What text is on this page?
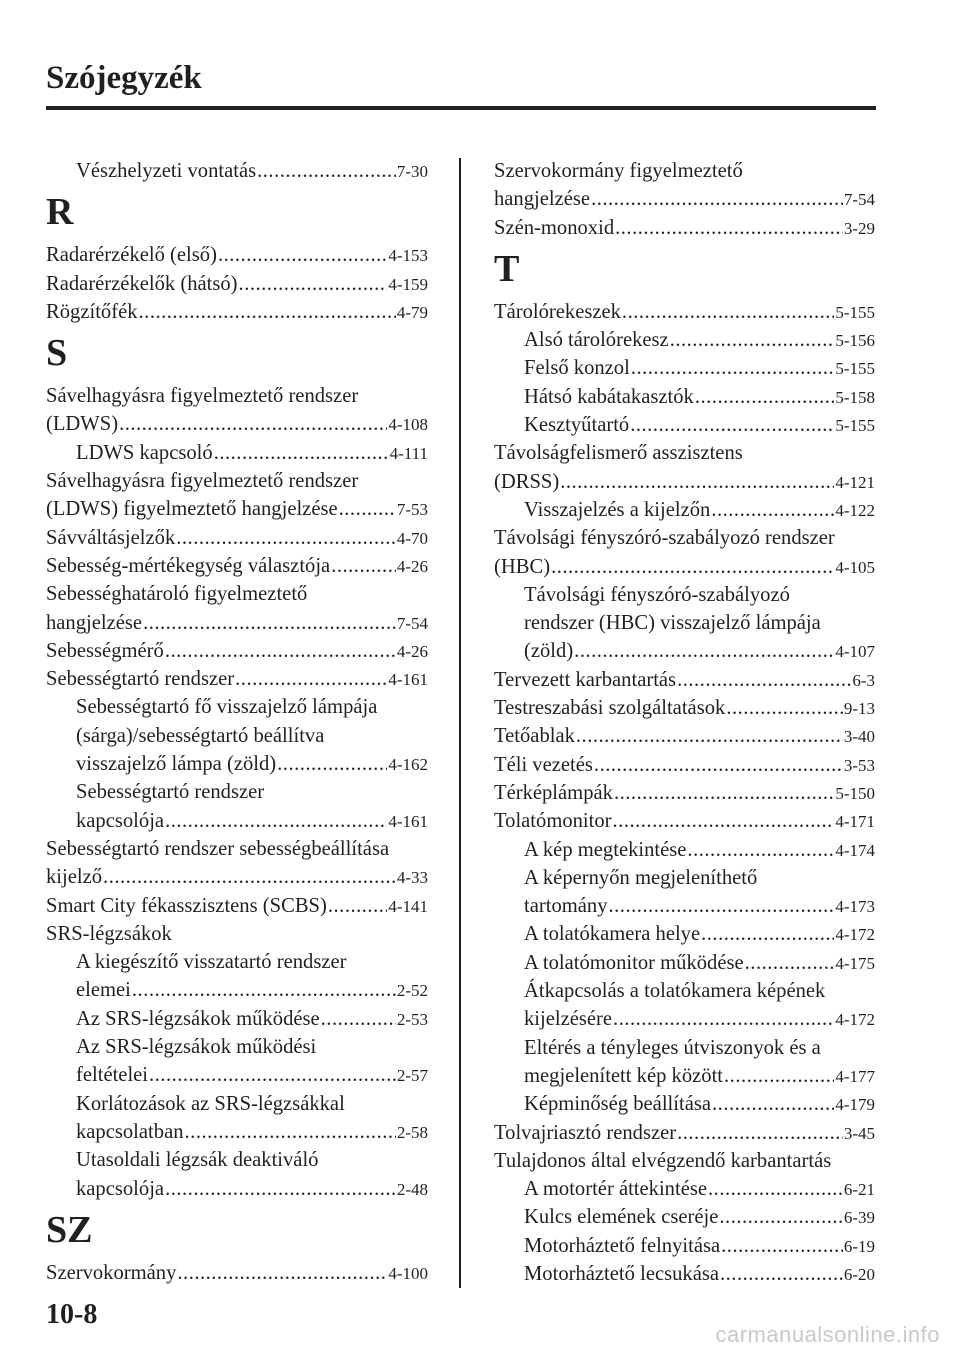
Szójegyzék
Vészhelyzeti vontatás .....	7-30
R
Radarérzékelő (első) .....	4-153
Radarérzékelők (hátsó) .....	4-159
Rögzítőfék .....	4-79
S
Sávelhagyásra figyelmeztető rendszer
(LDWS) .....	4-108
LDWS kapcsoló .....	4-111
Sávelhagyásra figyelmeztető rendszer
(LDWS) figyelmeztető hangjelzése .....	7-53
Sávváltásjelzők .....	4-70
Sebesség-mértékegység választója .....	4-26
Sebességhatároló figyelmeztető
hangjelzése .....	7-54
Sebességmérő .....	4-26
Sebességtartó rendszer .....	4-161
Sebességtartó fő visszajelző lámpája
(sárga)/sebességtartó beállítva
visszajelző lámpa (zöld) .....	4-162
Sebességtartó rendszer
kapcsolója .....	4-161
Sebességtartó rendszer sebességbeállítása
kijelző .....	4-33
Smart City fékasszisztens (SCBS) .....	4-141
SRS-légzsákok
A kiegészítő visszatartó rendszer
elemei .....	2-52
Az SRS-légzsákok működése .....	2-53
Az SRS-légzsákok működési
feltételei .....	2-57
Korlátozások az SRS-légzsákkal
kapcsolatban .....	2-58
Utasoldali légzsák deaktiváló
kapcsolója .....	2-48
SZ
Szervokormány .....	4-100
Szervokormány figyelmeztető
hangjelzése .....	7-54
Szén-monoxid .....	3-29
T
Tárolórekeszek .....	5-155
Alsó tárolórekesz .....	5-156
Felső konzol .....	5-155
Hátsó kabátakasztók .....	5-158
Kesztyűtartó .....	5-155
Távolságfelismerő asszisztens
(DRSS) .....	4-121
Visszajelzés a kijelzőn .....	4-122
Távolsági fényszóró-szabályozó rendszer
(HBC) .....	4-105
Távolsági fényszóró-szabályozó
rendszer (HBC) visszajelző lámpája
(zöld) .....	4-107
Tervezett karbantartás .....	6-3
Testreszabási szolgáltatások .....	9-13
Tetőablak .....	3-40
Téli vezetés .....	3-53
Térképlámpák .....	5-150
Tolatómonitor .....	4-171
A kép megtekintése .....	4-174
A képernyőn megjeleníthető
tartomány .....	4-173
A tolatókamera helye .....	4-172
A tolatómonitor működése .....	4-175
Átkapcsolás a tolatókamera képének
kijelzésére .....	4-172
Eltérés a tényleges útviszonyok és a
megjelenített kép között .....	4-177
Képminőség beállítása .....	4-179
Tolvajriasztó rendszer .....	3-45
Tulajdonos által elvégzendő karbantartás
A motortér áttekintése .....	6-21
Kulcs elemének cseréje .....	6-39
Motorháztető felnyitása .....	6-19
Motorháztető lecsukása .....	6-20
10-8
carmanualsonline.info
